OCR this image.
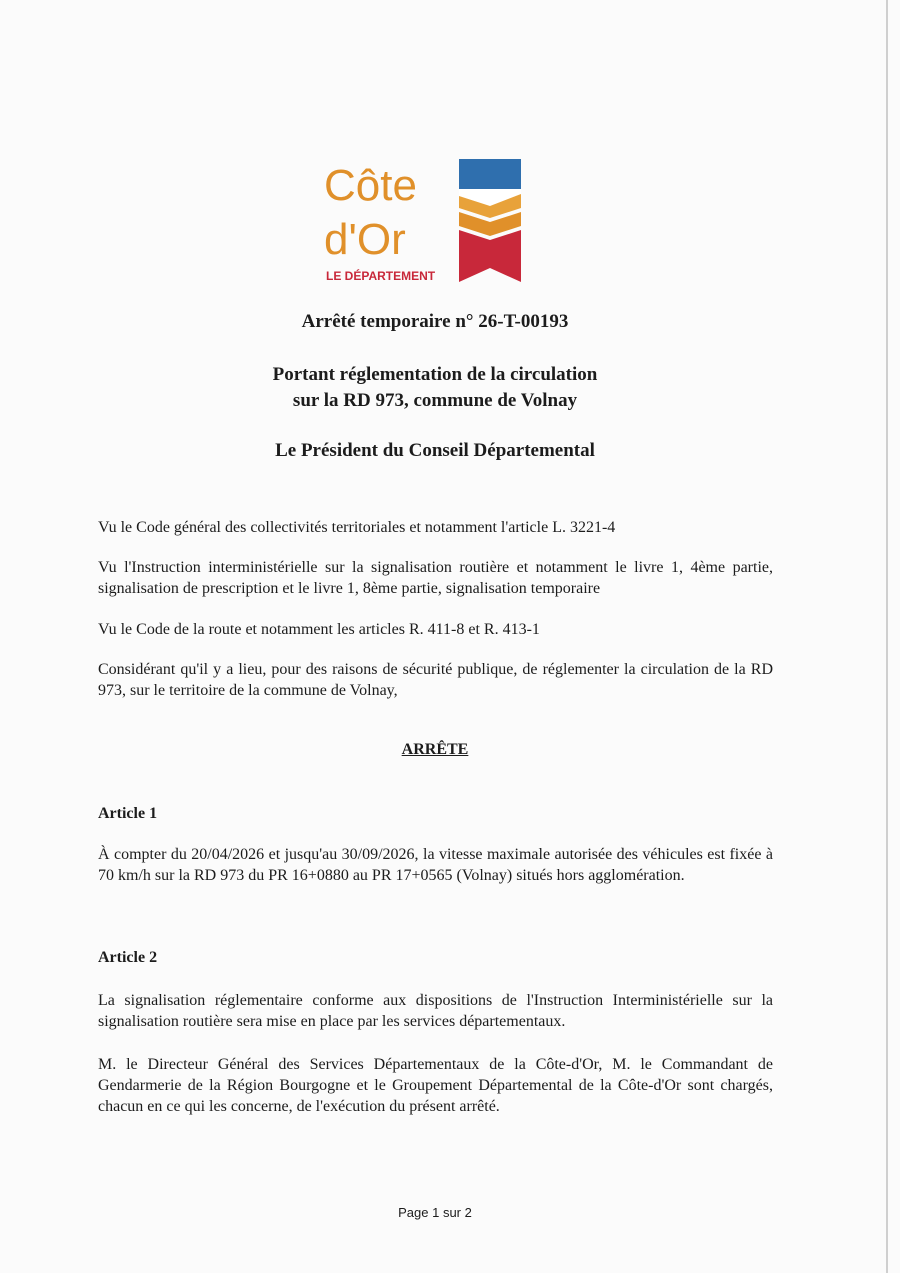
Côte
d'Or
LE DÉPARTEMENT
Arrêté temporaire n° 26-T-00193
Portant réglementation de la circulation
sur la RD 973, commune de Volnay
Le Président du Conseil Départemental
Vu le Code général des collectivités territoriales et notamment l'article L. 3221-4
Vu l'Instruction interministérielle sur la signalisation routière et notamment le livre 1, 4ème partie, signalisation de prescription et le livre 1, 8ème partie, signalisation temporaire
Vu le Code de la route et notamment les articles R. 411-8 et R. 413-1
Considérant qu'il y a lieu, pour des raisons de sécurité publique, de réglementer la circulation de la RD 973, sur le territoire de la commune de Volnay,
ARRÊTE
Article 1
À compter du 20/04/2026 et jusqu'au 30/09/2026, la vitesse maximale autorisée des véhicules est fixée à 70 km/h sur la RD 973 du PR 16+0880 au PR 17+0565 (Volnay) situés hors agglomération.
Article 2
La signalisation réglementaire conforme aux dispositions de l'Instruction Interministérielle sur la signalisation routière sera mise en place par les services départementaux.
M. le Directeur Général des Services Départementaux de la Côte-d'Or, M. le Commandant de Gendarmerie de la Région Bourgogne et le Groupement Départemental de la Côte-d'Or sont chargés, chacun en ce qui les concerne, de l'exécution du présent arrêté.
Page 1 sur 2
